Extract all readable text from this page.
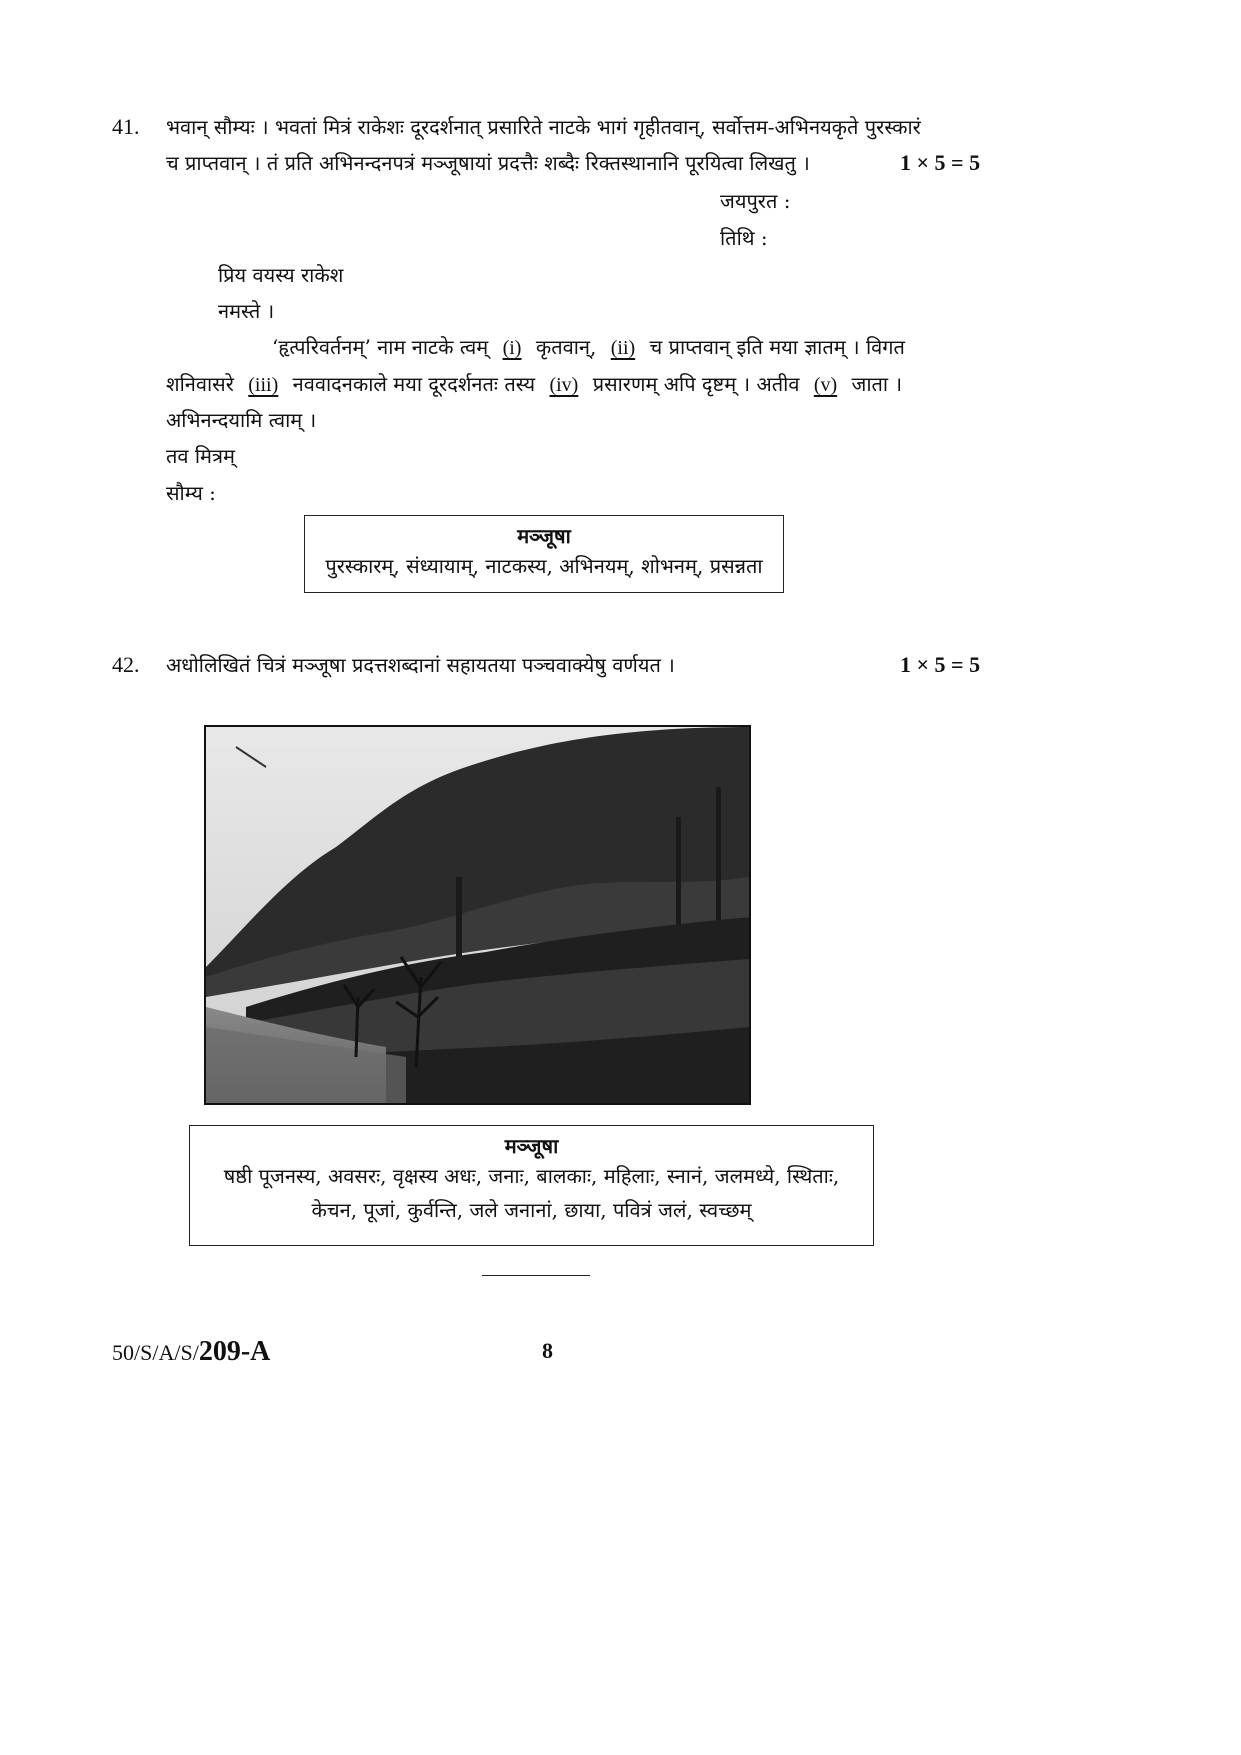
41. भवान् सौम्यः । भवतां मित्रं राकेशः दूरदर्शनात् प्रसारिते नाटके भागं गृहीतवान्, सर्वोत्तम-अभिनयकृते पुरस्कारं
च प्राप्तवान् । तं प्रति अभिनन्दनपत्रं मञ्जूषायां प्रदत्तैः शब्दैः रिक्तस्थानानि पूरयित्वा लिखतु ।	1 × 5 = 5
जयपुरत :
तिथि :
प्रिय वयस्य राकेश
नमस्ते ।
‘हृत्परिवर्तनम्’ नाम नाटके त्वम् (i) कृतवान्, (ii) च प्राप्तवान् इति मया ज्ञातम् । विगत
शनिवासरे (iii) नववादनकाले मया दूरदर्शनतः तस्य (iv) प्रसारणम् अपि दृष्टम् । अतीव (v) जाता ।
अभिनन्दयामि त्वाम् ।
तव मित्रम्
सौम्य :
मञ्जूषा
पुरस्कारम्, संध्यायाम्, नाटकस्य, अभिनयम्, शोभनम्, प्रसन्नता
42. अधोलिखितं चित्रं मञ्जूषा प्रदत्तशब्दानां सहायतया पञ्चवाक्येषु वर्णयत ।	1 × 5 = 5
मञ्जूषा
षष्ठी पूजनस्य, अवसरः, वृक्षस्य अधः, जनाः, बालकाः, महिलाः, स्नानं, जलमध्ये, स्थिताः,
केचन, पूजां, कुर्वन्ति, जले जनानां, छाया, पवित्रं जलं, स्वच्छम्
50/S/A/S/209-A	8
